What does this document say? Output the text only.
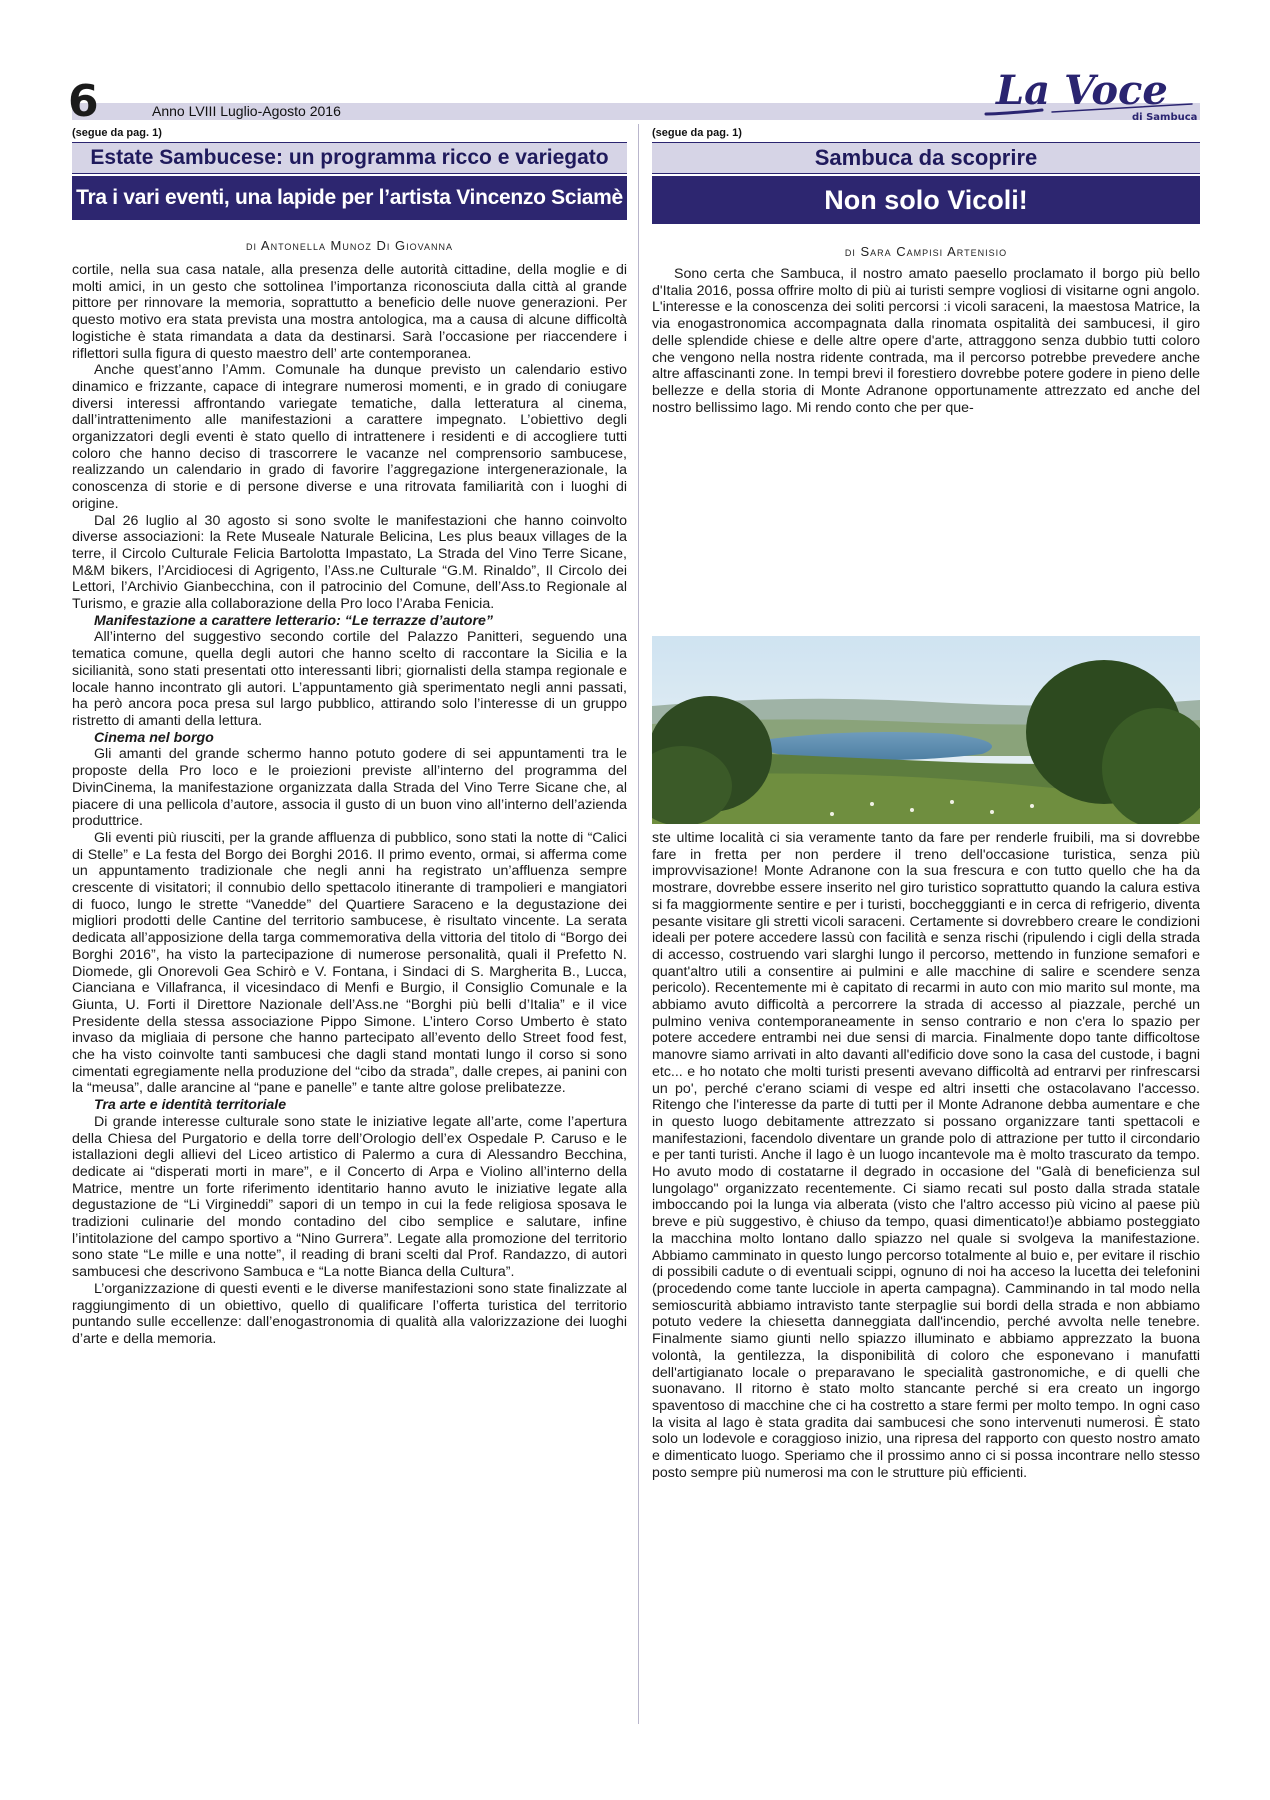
6	Anno LVIII Luglio-Agosto 2016	La Voce
di Sambuca
(segue da pag. 1)
Estate Sambucese: un programma ricco e variegato
Tra i vari eventi, una lapide per l’artista Vincenzo Sciamè
di Antonella Munoz Di Giovanna

cortile, nella sua casa natale, alla presenza delle autorità cittadine, della moglie e di molti amici, in un gesto che sottolinea l’importanza riconosciuta dalla città al grande pittore per rinnovare la memoria, soprattutto a beneficio delle nuove generazioni. Per questo motivo era stata prevista una mostra antologica, ma a causa di alcune difficoltà logistiche è stata rimandata a data da destinarsi. Sarà l’occasione per riaccendere i riflettori sulla figura di questo maestro dell’ arte contemporanea.

Anche quest’anno l’Amm. Comunale ha dunque previsto un calendario estivo dinamico e frizzante, capace di integrare numerosi momenti, e in grado di coniugare diversi interessi affrontando variegate tematiche, dalla letteratura al cinema, dall’intrattenimento alle manifestazioni a carattere impegnato. L’obiettivo degli organizzatori degli eventi è stato quello di intrattenere i residenti e di accogliere tutti coloro che hanno deciso di trascorrere le vacanze nel comprensorio sambucese, realizzando un calendario in grado di favorire l’aggregazione intergenerazionale, la conoscenza di storie e di persone diverse e una ritrovata familiarità con i luoghi di origine.

Dal 26 luglio al 30 agosto si sono svolte le manifestazioni che hanno coinvolto diverse associazioni: la Rete Museale Naturale Belicina, Les plus beaux villages de la terre, il Circolo Culturale Felicia Bartolotta Impastato, La Strada del Vino Terre Sicane, M&M bikers, l’Arcidiocesi di Agrigento, l’Ass.ne Culturale “G.M. Rinaldo”, Il Circolo dei Lettori, l’Archivio Gianbecchina, con il patrocinio del Comune, dell’Ass.to Regionale al Turismo, e grazie alla collaborazione della Pro loco l’Araba Fenicia.

Manifestazione a carattere letterario: “Le terrazze d’autore”

All’interno del suggestivo secondo cortile del Palazzo Panitteri, seguendo una tematica comune, quella degli autori che hanno scelto di raccontare la Sicilia e la sicilianità, sono stati presentati otto interessanti libri; giornalisti della stampa regionale e locale hanno incontrato gli autori. L’appuntamento già sperimentato negli anni passati, ha però ancora poca presa sul largo pubblico, attirando solo l’interesse di un gruppo ristretto di amanti della lettura.

Cinema nel borgo

Gli amanti del grande schermo hanno potuto godere di sei appuntamenti tra le proposte della Pro loco e le proiezioni previste all’interno del programma del DivinCinema, la manifestazione organizzata dalla Strada del Vino Terre Sicane che, al piacere di una pellicola d’autore, associa il gusto di un buon vino all’interno dell’azienda produttrice.

Gli eventi più riusciti, per la grande affluenza di pubblico, sono stati la notte di “Calici di Stelle” e La festa del Borgo dei Borghi 2016. Il primo evento, ormai, si afferma come un appuntamento tradizionale che negli anni ha registrato un’affluenza sempre crescente di visitatori; il connubio dello spettacolo itinerante di trampolieri e mangiatori di fuoco, lungo le strette “Vanedde” del Quartiere Saraceno e la degustazione dei migliori prodotti delle Cantine del territorio sambucese, è risultato vincente. La serata dedicata all’apposizione della targa commemorativa della vittoria del titolo di “Borgo dei Borghi 2016”, ha visto la partecipazione di numerose personalità, quali il Prefetto N. Diomede, gli Onorevoli Gea Schirò e V. Fontana, i Sindaci di S. Margherita B., Lucca, Cianciana e Villafranca, il vicesindaco di Menfi e Burgio, il Consiglio Comunale e la Giunta, U. Forti il Direttore Nazionale dell’Ass.ne “Borghi più belli d’Italia” e il vice Presidente della stessa associazione Pippo Simone. L’intero Corso Umberto è stato invaso da migliaia di persone che hanno partecipato all’evento dello Street food fest, che ha visto coinvolte tanti sambucesi che dagli stand montati lungo il corso si sono cimentati egregiamente nella produzione del “cibo da strada”, dalle crepes, ai panini con la “meusa”, dalle arancine al “pane e panelle” e tante altre golose prelibatezze.

Tra arte e identità territoriale

Di grande interesse culturale sono state le iniziative legate all’arte, come l’apertura della Chiesa del Purgatorio e della torre dell’Orologio dell’ex Ospedale P. Caruso e le istallazioni degli allievi del Liceo artistico di Palermo a cura di Alessandro Becchina, dedicate ai “disperati morti in mare”, e il Concerto di Arpa e Violino all’interno della Matrice, mentre un forte riferimento identitario hanno avuto le iniziative legate alla degustazione de “Li Virgineddi” sapori di un tempo in cui la fede religiosa sposava le tradizioni culinarie del mondo contadino del cibo semplice e salutare, infine l’intitolazione del campo sportivo a “Nino Gurrera”. Legate alla promozione del territorio sono state “Le mille e una notte”, il reading di brani scelti dal Prof. Randazzo, di autori sambucesi che descrivono Sambuca e “La notte Bianca della Cultura”.

L’organizzazione di questi eventi e le diverse manifestazioni sono state finalizzate al raggiungimento di un obiettivo, quello di qualificare l’offerta turistica del territorio puntando sulle eccellenze: dall’enogastronomia di qualità alla valorizzazione dei luoghi d’arte e della memoria.

(segue da pag. 1)
Sambuca da scoprire
Non solo Vicoli!
di Sara Campisi Artenisio

Sono certa che Sambuca, il nostro amato paesello proclamato il borgo più bello d'Italia 2016, possa offrire molto di più ai turisti sempre vogliosi di visitarne ogni angolo. L'interesse e la conoscenza dei soliti percorsi :i vicoli saraceni, la maestosa Matrice, la via enogastronomica accompagnata dalla rinomata ospitalità dei sambucesi, il giro delle splendide chiese e delle altre opere d'arte, attraggono senza dubbio tutti coloro che vengono nella nostra ridente contrada, ma il percorso potrebbe prevedere anche altre affascinanti zone. In tempi brevi il forestiero dovrebbe potere godere in pieno delle bellezze e della storia di Monte Adranone opportunamente attrezzato ed anche del nostro bellissimo lago. Mi rendo conto che per que-

ste ultime località ci sia veramente tanto da fare per renderle fruibili, ma si dovrebbe fare in fretta per non perdere il treno dell'occasione turistica, senza più improvvisazione! Monte Adranone con la sua frescura e con tutto quello che ha da mostrare, dovrebbe essere inserito nel giro turistico soprattutto quando la calura estiva si fa maggiormente sentire e per i turisti, bocchegggianti e in cerca di refrigerio, diventa pesante visitare gli stretti vicoli saraceni. Certamente si dovrebbero creare le condizioni ideali per potere accedere lassù con facilità e senza rischi (ripulendo i cigli della strada di accesso, costruendo vari slarghi lungo il percorso, mettendo in funzione semafori e quant'altro utili a consentire ai pulmini e alle macchine di salire e scendere senza pericolo). Recentemente mi è capitato di recarmi in auto con mio marito sul monte, ma abbiamo avuto difficoltà a percorrere la strada di accesso al piazzale, perché un pulmino veniva contemporaneamente in senso contrario e non c'era lo spazio per potere accedere entrambi nei due sensi di marcia. Finalmente dopo tante difficoltose manovre siamo arrivati in alto davanti all'edificio dove sono la casa del custode, i bagni etc... e ho notato che molti turisti presenti avevano difficoltà ad entrarvi per rinfrescarsi un po', perché c'erano sciami di vespe ed altri insetti che ostacolavano l'accesso. Ritengo che l'interesse da parte di tutti per il Monte Adranone debba aumentare e che in questo luogo debitamente attrezzato si possano organizzare tanti spettacoli e manifestazioni, facendolo diventare un grande polo di attrazione per tutto il circondario e per tanti turisti. Anche il lago è un luogo incantevole ma è molto trascurato da tempo. Ho avuto modo di costatarne il degrado in occasione del "Galà di beneficienza sul lungolago" organizzato recentemente. Ci siamo recati sul posto dalla strada statale imboccando poi la lunga via alberata (visto che l'altro accesso più vicino al paese più breve e più suggestivo, è chiuso da tempo, quasi dimenticato!)e abbiamo posteggiato la macchina molto lontano dallo spiazzo nel quale si svolgeva la manifestazione. Abbiamo camminato in questo lungo percorso totalmente al buio e, per evitare il rischio di possibili cadute o di eventuali scippi, ognuno di noi ha acceso la lucetta dei telefonini (procedendo come tante lucciole in aperta campagna). Camminando in tal modo nella semioscurità abbiamo intravisto tante sterpaglie sui bordi della strada e non abbiamo potuto vedere la chiesetta danneggiata dall'incendio, perché avvolta nelle tenebre. Finalmente siamo giunti nello spiazzo illuminato e abbiamo apprezzato la buona volontà, la gentilezza, la disponibilità di coloro che esponevano i manufatti dell'artigianato locale o preparavano le specialità gastronomiche, e di quelli che suonavano. Il ritorno è stato molto stancante perché si era creato un ingorgo spaventoso di macchine che ci ha costretto a stare fermi per molto tempo. In ogni caso la visita al lago è stata gradita dai sambucesi che sono intervenuti numerosi. È stato solo un lodevole e coraggioso inizio, una ripresa del rapporto con questo nostro amato e dimenticato luogo. Speriamo che il prossimo anno ci si possa incontrare nello stesso posto sempre più numerosi ma con le strutture più efficienti.
